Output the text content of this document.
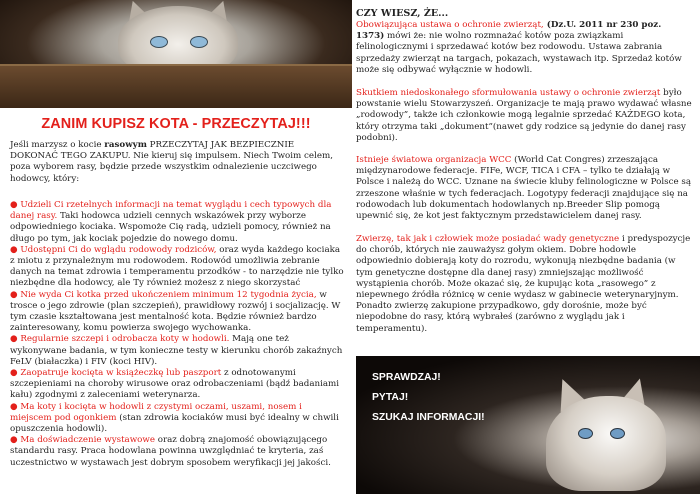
ZANIM KUPISZ KOTA - PRZECZYTAJ!!!
Jeśli marzysz o kocie rasowym PRZECZYTAJ JAK BEZPIECZNIE DOKONAĆ TEGO ZAKUPU. Nie kieruj się impulsem. Niech Twoim celem, poza wyborem rasy, będzie przede wszystkim odnalezienie uczciwego hodowcy, który:
● Udzieli Ci rzetelnych informacji na temat wyglądu i cech typowych dla danej rasy. Taki hodowca udzieli cennych wskazówek przy wyborze odpowiedniego kociaka. Wspomoże Cię radą, udzieli pomocy, również na długo po tym, jak kociak pojedzie do nowego domu.
● Udostępni Ci do wglądu rodowody rodziców, oraz wyda każdego kociaka z miotu z przynależnym mu rodowodem. Rodowód umożliwia zebranie danych na temat zdrowia i temperamentu przodków - to narzędzie nie tylko niezbędne dla hodowcy, ale Ty również możesz z niego skorzystać
● Nie wyda Ci kotka przed ukończeniem minimum 12 tygodnia życia, w trosce o jego zdrowie (plan szczepień), prawidłowy rozwój i socjalizację. W tym czasie kształtowana jest mentalność kota. Będzie również bardzo zainteresowany, komu powierza swojego wychowanka.
● Regularnie szczepi i odrobaczа koty w hodowli. Mają one też wykonywane badania, w tym konieczne testy w kierunku chorób zakaźnych FeLV (białaczka) i FIV (koci HIV).
● Zaopatruje kocięta w książeczkę lub paszport z odnotowanymi szczepieniami na choroby wirusowe oraz odrobaczeniami (bądź badaniami kału) zgodnymi z zaleceniami weterynarza.
● Ma koty i kocięta w hodowli z czystymi oczami, uszami, nosem i miejscem pod ogonkiem (stan zdrowia kociaków musi być idealny w chwili opuszczenia hodowli).
● Ma doświadczenie wystawowe oraz dobrą znajomość obowiązującego standardu rasy. Praca hodowlana powinna uwzględniać te kryteria, zaś uczestnictwo w wystawach jest dobrym sposobem weryfikacji jej jakości.

CZY WIESZ, ŻE...

Obowiązująca ustawa o ochronie zwierząt, (Dz.U. 2011 nr 230 poz. 1373) mówi że: nie wolno rozmnażać kotów poza związkami felinologicznymi i sprzedawać kotów bez rodowodu. Ustawa zabrania sprzedaży zwierząt na targach, pokazach, wystawach itp. Sprzedaż kotów może się odbywać wyłącznie w hodowli.
Skutkiem niedoskonałego sformułowania ustawy o ochronie zwierząt było powstanie wielu Stowarzyszeń. Organizacje te mają prawo wydawać własne „rodowody”, także ich członkowie mogą legalnie sprzedać KAŻDEGO kota, który otrzyma taki „dokument”(nawet gdy rodzice są jedynie do danej rasy podobni).
Istnieje światowa organizacja WCC (World Cat Congres) zrzeszająca międzynarodowe federacje. FIFe, WCF, TICA i CFA – tylko te działają w Polsce i należą do WCC. Uznane na świecie kluby felinologiczne w Polsce są zrzeszone właśnie w tych federacjach. Logotypy federacji znajdujące się na rodowodach lub dokumentach hodowlanych np.Breeder Slip pomogą upewnić się, że kot jest faktycznym przedstawicielem danej rasy.
Zwierzę, tak jak i człowiek może posiadać wady genetyczne i predyspozycje do chorób, których nie zauważysz gołym okiem. Dobre hodowle odpowiednio dobierają koty do rozrodu, wykonują niezbędne badania (w tym genetyczne dostępne dla danej rasy) zmniejszając możliwość wystąpienia chorób. Może okazać się, że kupując kota „rasowego” z niepewnego źródła różnicę w cenie wydasz w gabinecie weterynaryjnym. Ponadto zwierzę zakupione przypadkowo, gdy dorośnie, może być niepodobne do rasy, którą wybrałeś (zarówno z wyglądu jak i temperamentu).
SPRAWDZAJ!
PYTAJ!
SZUKAJ INFORMACJI!
